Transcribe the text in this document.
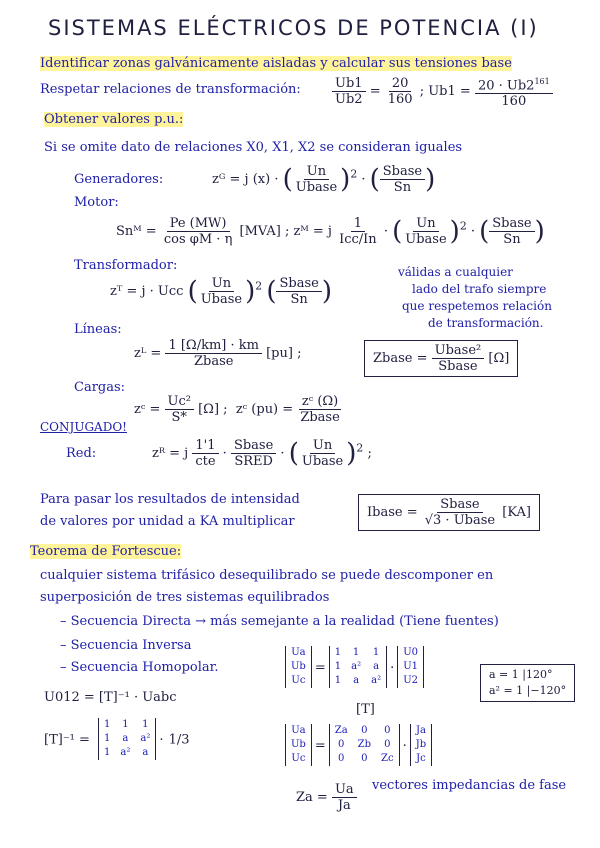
SISTEMAS ELÉCTRICOS DE POTENCIA (I)
Identificar zonas galvánicamente aisladas y calcular sus tensiones base
Respetar relaciones de transformación: $\frac{Ub1}{Ub2} = \frac{20}{160}$ ; $Ub1 = \frac{20 \cdot Ub2^{161}}{160}$
Obtener valores p.u.:
Si se omite dato de relaciones X0, X1, X2 se consideran iguales
Generadores:	zᴳ = j (x) · ( $\frac{Un}{\text{Ubase}} )^2$ · ( $\frac{\text{Sbase}}{Sn}$ )
Motor:
Snᴹ = $\frac{Pe (MW)}{\text{cos φM · η}} [MVA]$ ; zᴹ = j $\frac{1}{\text{Icc/In}}$ · ( $\frac{Un}{\text{Ubase}} )^2$ · ( $\frac{\text{Sbase}}{Sn}$ )
Transformador:
zᵀ = j · Ucc ( $\frac{Un}{\text{Ubase}} )^2$ ( $\frac{\text{Sbase}}{Sn}$ )
válidas a cualquier
lado del trafo siempre
que respetemos relación
de transformación.
Líneas:
zᴸ = $\frac{1 [\Omega/km] \cdot km}{\text{Zbase}} [pu]$ ;	Zbase = $\frac{\text{Ubase²}}{\text{Sbase}} [\Omega]$
Cargas:
zᶜ = $\frac{\text{Uc²}}{S*} [\Omega]$ ; zᶜ $(pu) = \frac{\text{zᶜ (Ω)}}{\text{Zbase}}$
CONJUGADO!
Red:	zᴿ = j $\frac{1'1}{\text{cte}} \cdot \frac{\text{Sbase}}{\text{SRED}}$ · ( $\frac{Un}{\text{Ubase}} )^2$ ;
Para pasar los resultados de intensidad
de valores por unidad a KA multiplicar
Ibase = $\frac{\text{Sbase}}{\text{√3 · Ubase}} [KA]$
Teorema de Fortescue:
cualquier sistema trifásico desequilibrado se puede descomponer en
superposición de tres sistemas equilibrados
– Secuencia Directa → más semejante a la realidad (Tiene fuentes)
– Secuencia Inversa
– Secuencia Homopolar.
Ua
Ub
Uc
=
1	1	1
1	a²	a
1	a	a²
·
U0
U1
U2
[T]
a = 1 |120°
a² = 1 |−120°
U012 = [T]⁻¹ · Uabc
[T]⁻¹ =
1	1	1
1	a	a²
1	a²	a
· 1/3
Ua
Ub
Uc
=
Za	0	0
0	Zb	0
0	0	Zc
·
Ja
Jb
Jc
$Za = \frac{Ua}{Ja}$ vectores impedancias de fase
